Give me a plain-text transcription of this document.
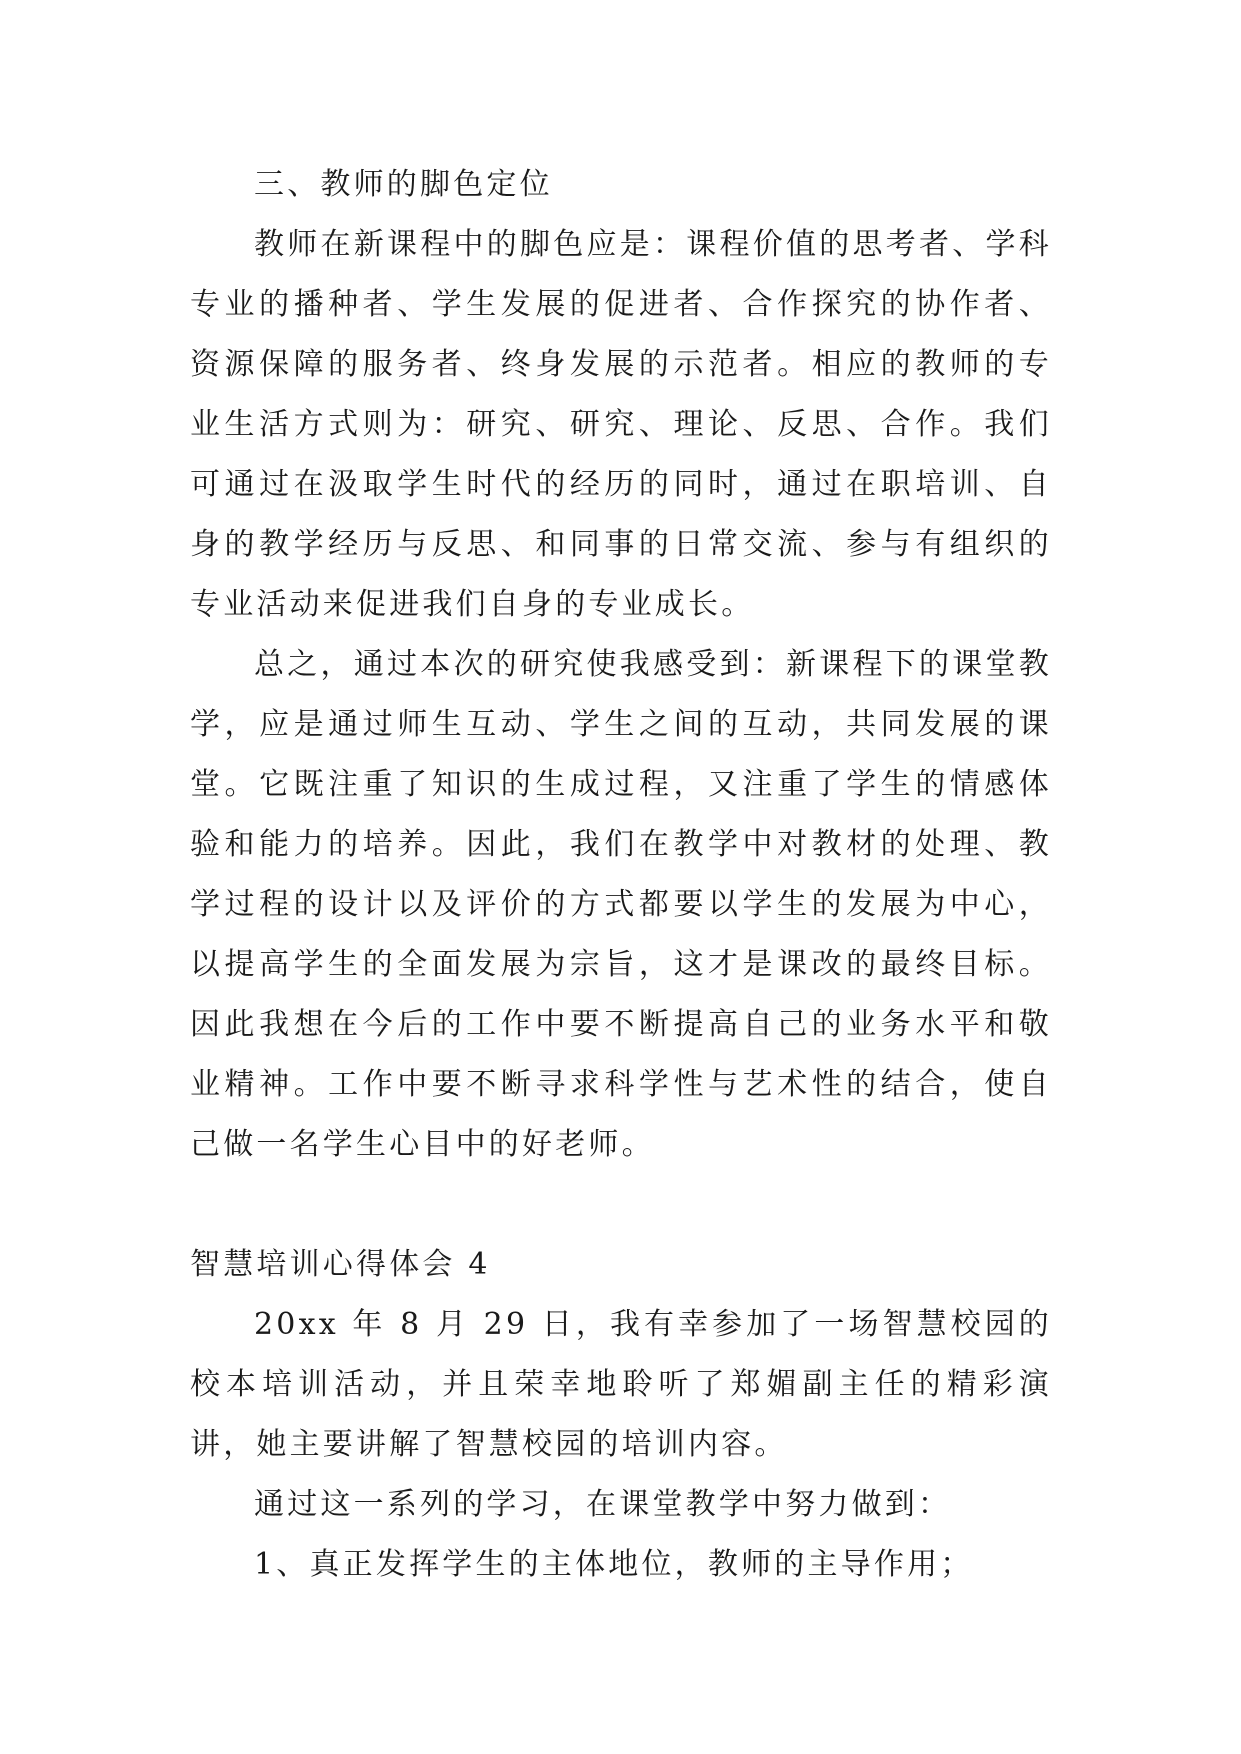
三、教师的脚色定位

教师在新课程中的脚色应是：课程价值的思考者、学科专业的播种者、学生发展的促进者、合作探究的协作者、资源保障的服务者、终身发展的示范者。相应的教师的专业生活方式则为：研究、研究、理论、反思、合作。我们可通过在汲取学生时代的经历的同时，通过在职培训、自身的教学经历与反思、和同事的日常交流、参与有组织的专业活动来促进我们自身的专业成长。

总之，通过本次的研究使我感受到：新课程下的课堂教学，应是通过师生互动、学生之间的互动，共同发展的课堂。它既注重了知识的生成过程，又注重了学生的情感体验和能力的培养。因此，我们在教学中对教材的处理、教学过程的设计以及评价的方式都要以学生的发展为中心，以提高学生的全面发展为宗旨，这才是课改的最终目标。因此我想在今后的工作中要不断提高自己的业务水平和敬业精神。工作中要不断寻求科学性与艺术性的结合，使自己做一名学生心目中的好老师。

智慧培训心得体会 4

20xx 年 8 月 29 日，我有幸参加了一场智慧校园的校本培训活动，并且荣幸地聆听了郑媚副主任的精彩演讲，她主要讲解了智慧校园的培训内容。

通过这一系列的学习，在课堂教学中努力做到：

1、真正发挥学生的主体地位，教师的主导作用；
